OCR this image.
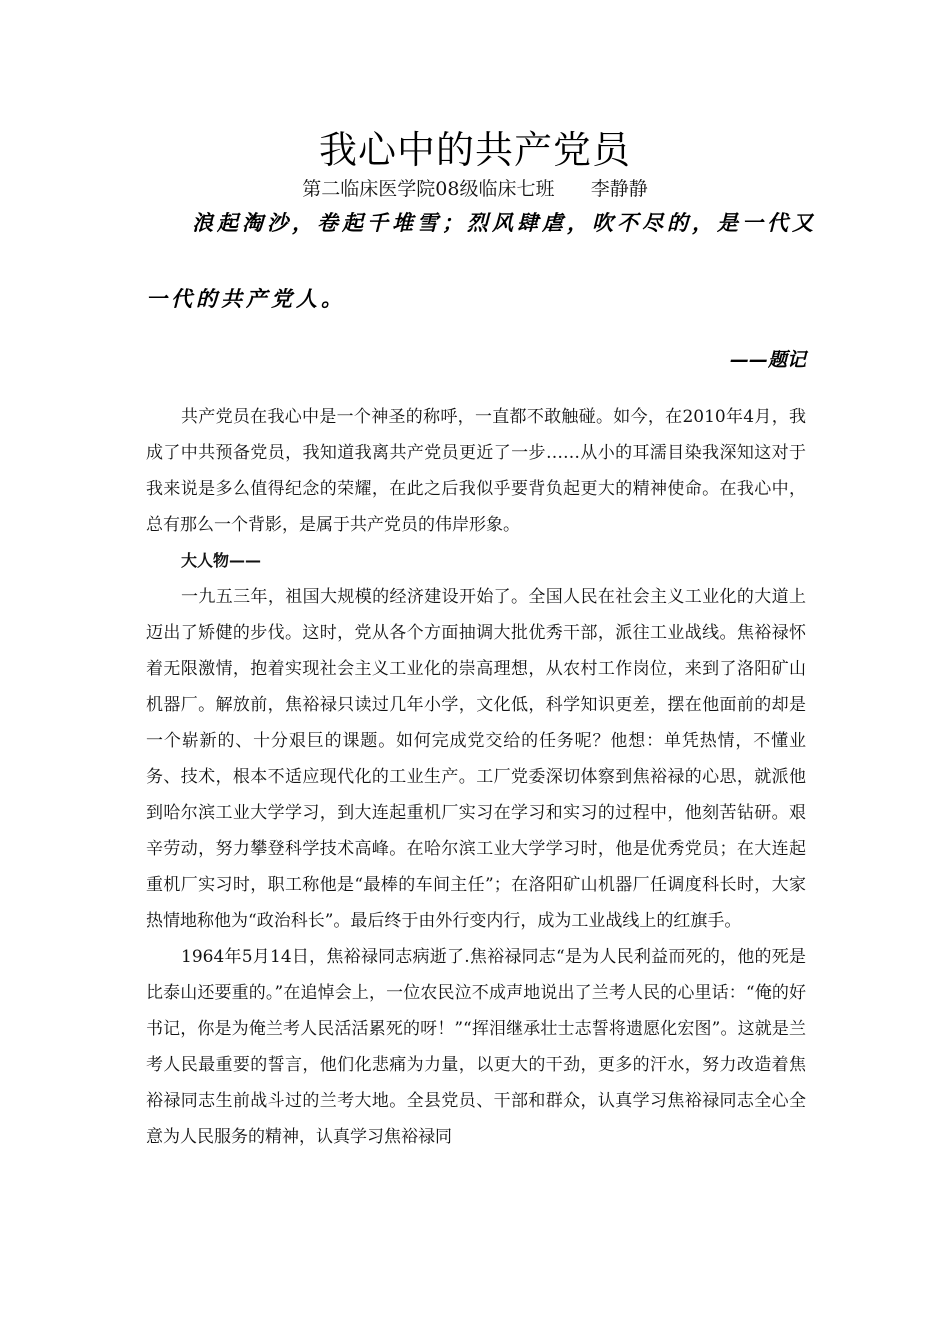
我心中的共产党员
第二临床医学院08级临床七班      李静静
浪起淘沙，卷起千堆雪；烈风肆虐，吹不尽的，是一代又
一代的共产党人。
——题记

共产党员在我心中是一个神圣的称呼，一直都不敢触碰。如今，在2010年4月，我成了中共预备党员，我知道我离共产党员更近了一步……从小的耳濡目染我深知这对于我来说是多么值得纪念的荣耀，在此之后我似乎要背负起更大的精神使命。在我心中，总有那么一个背影，是属于共产党员的伟岸形象。

大人物——

一九五三年，祖国大规模的经济建设开始了。全国人民在社会主义工业化的大道上迈出了矫健的步伐。这时，党从各个方面抽调大批优秀干部，派往工业战线。焦裕禄怀着无限激情，抱着实现社会主义工业化的崇高理想，从农村工作岗位，来到了洛阳矿山机器厂。解放前，焦裕禄只读过几年小学，文化低，科学知识更差，摆在他面前的却是一个崭新的、十分艰巨的课题。如何完成党交给的任务呢？他想：单凭热情，不懂业务、技术，根本不适应现代化的工业生产。工厂党委深切体察到焦裕禄的心思，就派他到哈尔滨工业大学学习，到大连起重机厂实习在学习和实习的过程中，他刻苦钻研。艰辛劳动，努力攀登科学技术高峰。在哈尔滨工业大学学习时，他是优秀党员；在大连起重机厂实习时，职工称他是“最棒的车间主任”；在洛阳矿山机器厂任调度科长时，大家热情地称他为“政治科长”。最后终于由外行变内行，成为工业战线上的红旗手。

1964年5月14日，焦裕禄同志病逝了.焦裕禄同志“是为人民利益而死的，他的死是比泰山还要重的。”在追悼会上，一位农民泣不成声地说出了兰考人民的心里话：“俺的好书记，你是为俺兰考人民活活累死的呀！”“挥泪继承壮士志誓将遗愿化宏图”。这就是兰考人民最重要的誓言，他们化悲痛为力量，以更大的干劲，更多的汗水，努力改造着焦裕禄同志生前战斗过的兰考大地。全县党员、干部和群众，认真学习焦裕禄同志全心全意为人民服务的精神，认真学习焦裕禄同
